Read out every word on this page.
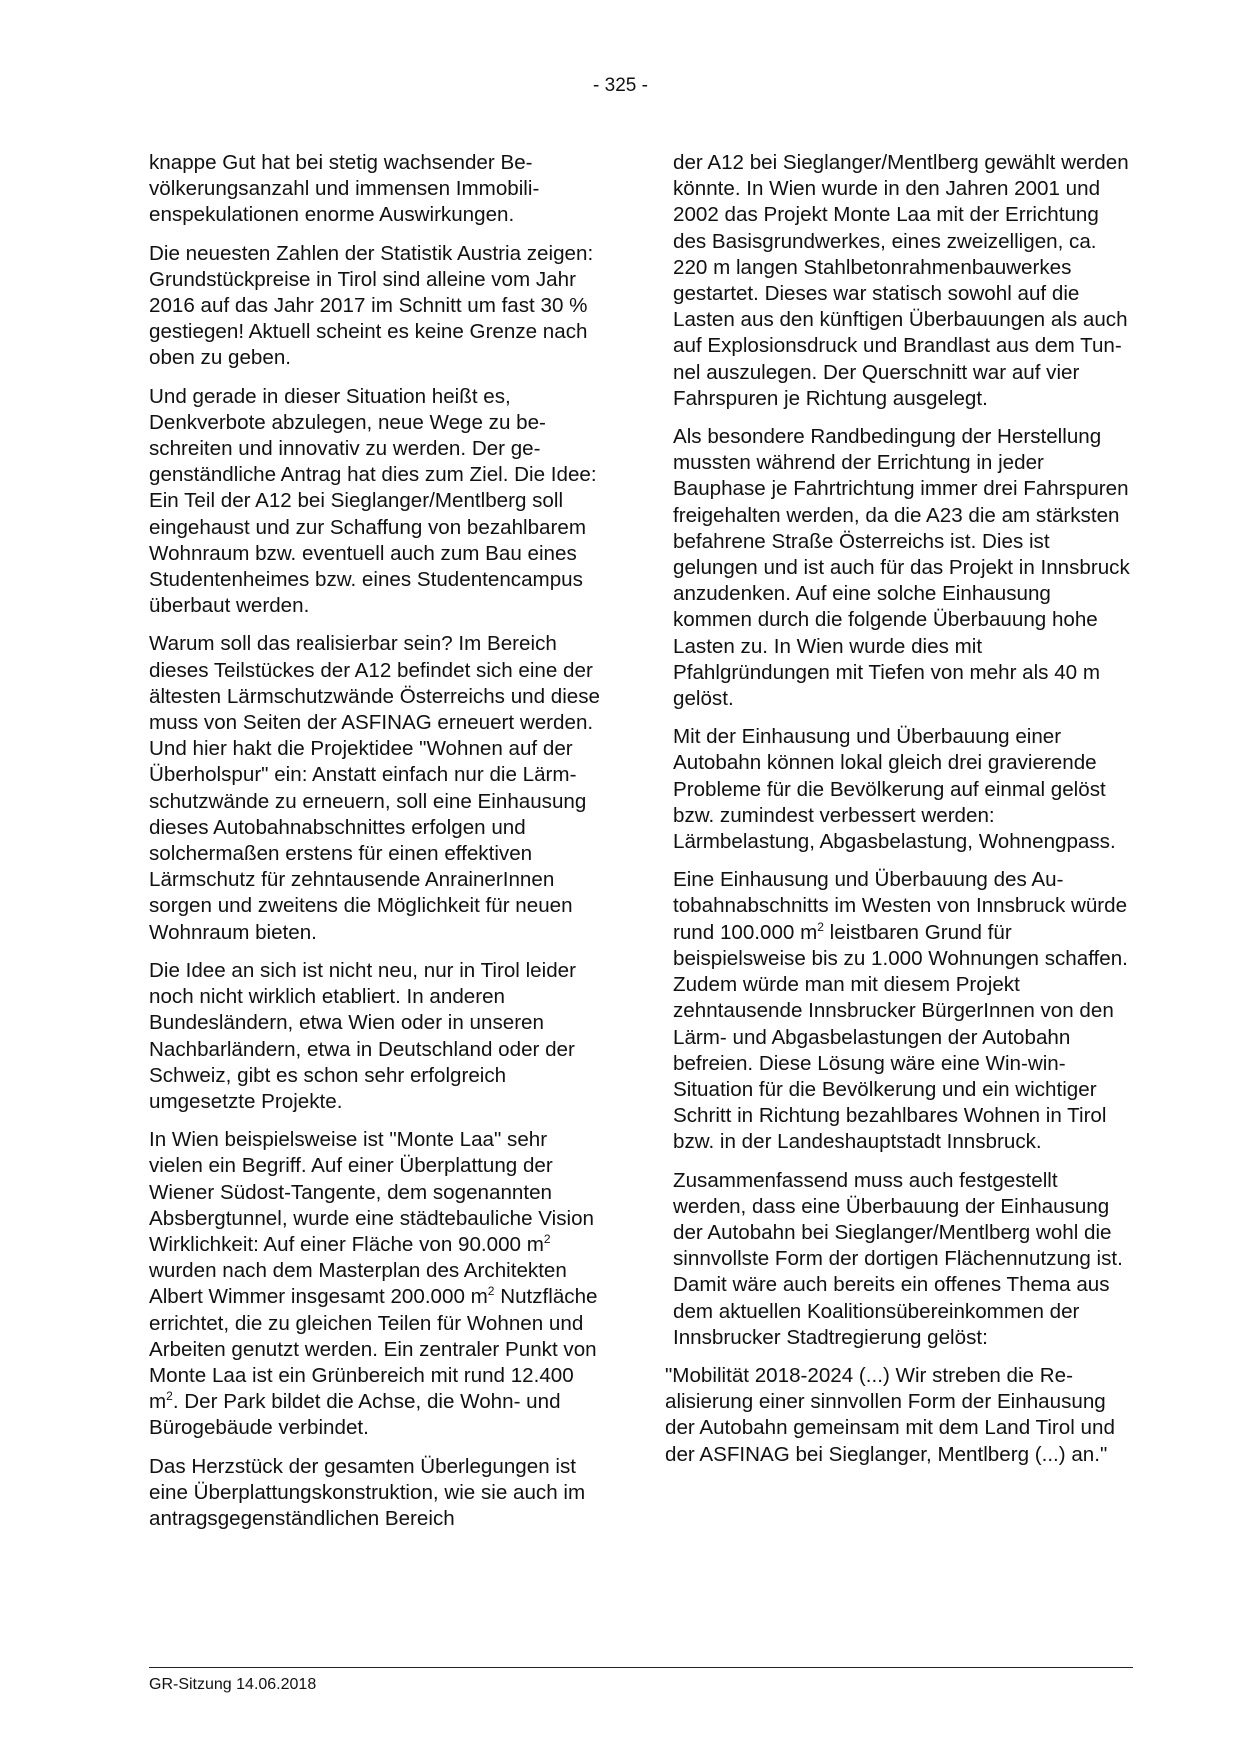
- 325 -

knappe Gut hat bei stetig wachsender Bevölkerungsanzahl und immensen Immobilienspekulationen enorme Auswirkungen.

Die neuesten Zahlen der Statistik Austria zeigen: Grundstückpreise in Tirol sind alleine vom Jahr 2016 auf das Jahr 2017 im Schnitt um fast 30 % gestiegen! Aktuell scheint es keine Grenze nach oben zu geben.

Und gerade in dieser Situation heißt es, Denkverbote abzulegen, neue Wege zu beschreiten und innovativ zu werden. Der gegenständliche Antrag hat dies zum Ziel. Die Idee: Ein Teil der A12 bei Sieglanger/Mentlberg soll eingehaust und zur Schaffung von bezahlbarem Wohnraum bzw. eventuell auch zum Bau eines Studentenheimes bzw. eines Studentencampus überbaut werden.

Warum soll das realisierbar sein? Im Bereich dieses Teilstückes der A12 befindet sich eine der ältesten Lärmschutzwände Österreichs und diese muss von Seiten der ASFINAG erneuert werden. Und hier hakt die Projektidee "Wohnen auf der Überholspur" ein: Anstatt einfach nur die Lärmschutzwände zu erneuern, soll eine Einhausung dieses Autobahnabschnittes erfolgen und solchermaßen erstens für einen effektiven Lärmschutz für zehntausende AnrainerInnen sorgen und zweitens die Möglichkeit für neuen Wohnraum bieten.

Die Idee an sich ist nicht neu, nur in Tirol leider noch nicht wirklich etabliert. In anderen Bundesländern, etwa Wien oder in unseren Nachbarländern, etwa in Deutschland oder der Schweiz, gibt es schon sehr erfolgreich umgesetzte Projekte.

In Wien beispielsweise ist "Monte Laa" sehr vielen ein Begriff. Auf einer Überplattung der Wiener Südost-Tangente, dem sogenannten Absbergtunnel, wurde eine städtebauliche Vision Wirklichkeit: Auf einer Fläche von 90.000 $m^2$ wurden nach dem Masterplan des Architekten Albert Wimmer insgesamt 200.000 $m^2$ Nutzfläche errichtet, die zu gleichen Teilen für Wohnen und Arbeiten genutzt werden. Ein zentraler Punkt von Monte Laa ist ein Grünbereich mit rund 12.400 $m^2$. Der Park bildet die Achse, die Wohn- und Bürogebäude verbindet.

Das Herzstück der gesamten Überlegungen ist eine Überplattungskonstruktion, wie sie auch im antragsgegenständlichen Bereich

der A12 bei Sieglanger/Mentlberg gewählt werden könnte. In Wien wurde in den Jahren 2001 und 2002 das Projekt Monte Laa mit der Errichtung des Basisgrundwerkes, eines zweizelligen, ca. 220 m langen Stahlbetonrahmenbauwerkes gestartet. Dieses war statisch sowohl auf die Lasten aus den künftigen Überbauungen als auch auf Explosionsdruck und Brandlast aus dem Tunnel auszulegen. Der Querschnitt war auf vier Fahrspuren je Richtung ausgelegt.

Als besondere Randbedingung der Herstellung mussten während der Errichtung in jeder Bauphase je Fahrtrichtung immer drei Fahrspuren freigehalten werden, da die A23 die am stärksten befahrene Straße Österreichs ist. Dies ist gelungen und ist auch für das Projekt in Innsbruck anzudenken. Auf eine solche Einhausung kommen durch die folgende Überbauung hohe Lasten zu. In Wien wurde dies mit Pfahlgründungen mit Tiefen von mehr als 40 m gelöst.

Mit der Einhausung und Überbauung einer Autobahn können lokal gleich drei gravierende Probleme für die Bevölkerung auf einmal gelöst bzw. zumindest verbessert werden: Lärmbelastung, Abgasbelastung, Wohnengpass.

Eine Einhausung und Überbauung des Autobahnabschnitts im Westen von Innsbruck würde rund 100.000 $m^2$ leistbaren Grund für beispielsweise bis zu 1.000 Wohnungen schaffen. Zudem würde man mit diesem Projekt zehntausende Innsbrucker BürgerInnen von den Lärm- und Abgasbelastungen der Autobahn befreien. Diese Lösung wäre eine Win-win-Situation für die Bevölkerung und ein wichtiger Schritt in Richtung bezahlbares Wohnen in Tirol bzw. in der Landeshauptstadt Innsbruck.

Zusammenfassend muss auch festgestellt werden, dass eine Überbauung der Einhausung der Autobahn bei Sieglanger/Mentlberg wohl die sinnvollste Form der dortigen Flächennutzung ist. Damit wäre auch bereits ein offenes Thema aus dem aktuellen Koalitionsübereinkommen der Innsbrucker Stadtregierung gelöst:

"Mobilität 2018-2024 (...) Wir streben die Realisierung einer sinnvollen Form der Einhausung der Autobahn gemeinsam mit dem Land Tirol und der ASFINAG bei Sieglanger, Mentlberg (...) an."

GR-Sitzung 14.06.2018
